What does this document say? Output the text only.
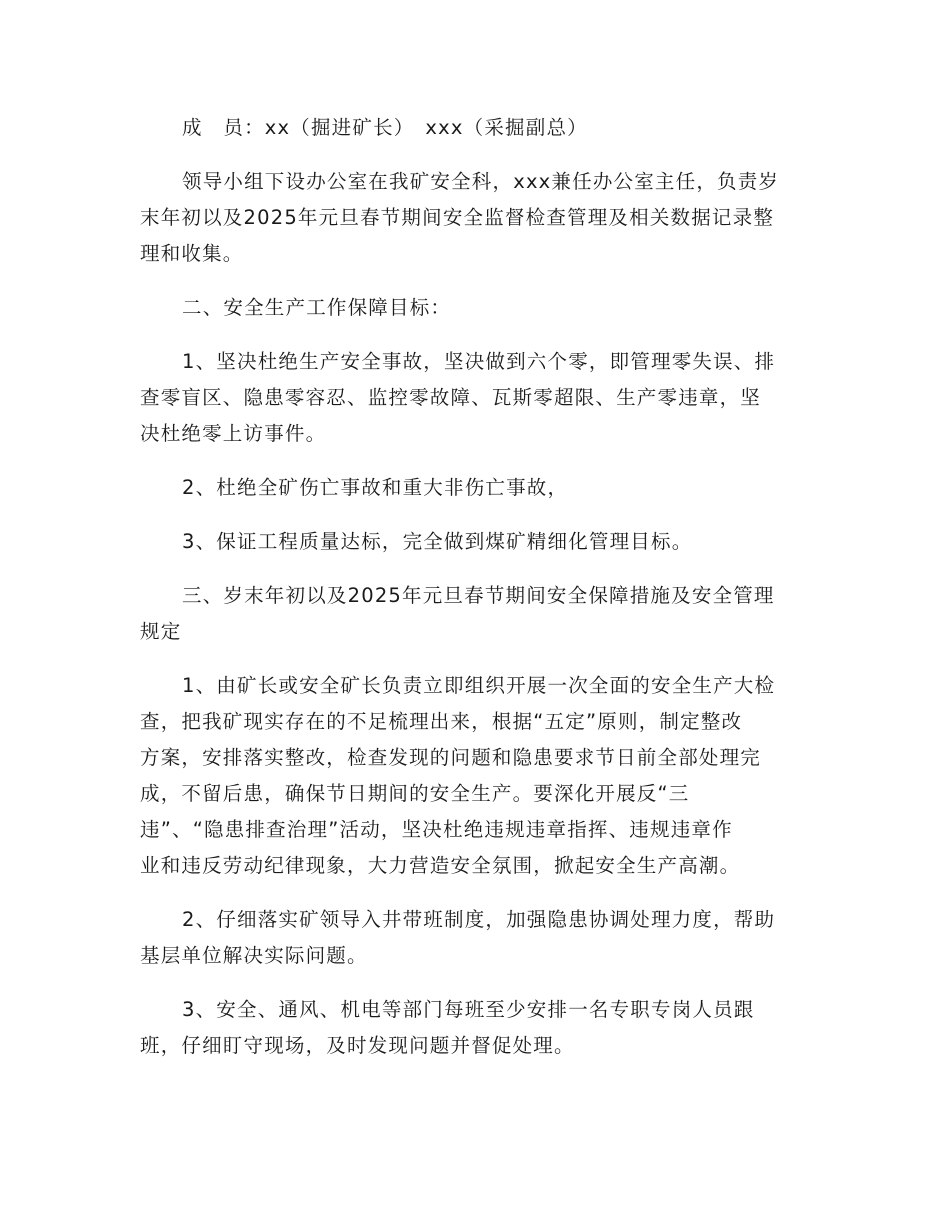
成　员：xx（掘进矿长）　xxx（采掘副总）

领导小组下设办公室在我矿安全科，xxx兼任办公室主任，负责岁
末年初以及2025年元旦春节期间安全监督检查管理及相关数据记录整
理和收集。

二、安全生产工作保障目标：

1、坚决杜绝生产安全事故，坚决做到六个零，即管理零失误、排
查零盲区、隐患零容忍、监控零故障、瓦斯零超限、生产零违章，坚
决杜绝零上访事件。

2、杜绝全矿伤亡事故和重大非伤亡事故，

3、保证工程质量达标，完全做到煤矿精细化管理目标。

三、岁末年初以及2025年元旦春节期间安全保障措施及安全管理
规定

1、由矿长或安全矿长负责立即组织开展一次全面的安全生产大检
查，把我矿现实存在的不足梳理出来，根据“五定”原则，制定整改
方案，安排落实整改，检查发现的问题和隐患要求节日前全部处理完
成，不留后患，确保节日期间的安全生产。要深化开展反“三
违”、“隐患排查治理”活动，坚决杜绝违规违章指挥、违规违章作
业和违反劳动纪律现象，大力营造安全氛围，掀起安全生产高潮。

2、仔细落实矿领导入井带班制度，加强隐患协调处理力度，帮助
基层单位解决实际问题。

3、安全、通风、机电等部门每班至少安排一名专职专岗人员跟
班，仔细盯守现场，及时发现问题并督促处理。
